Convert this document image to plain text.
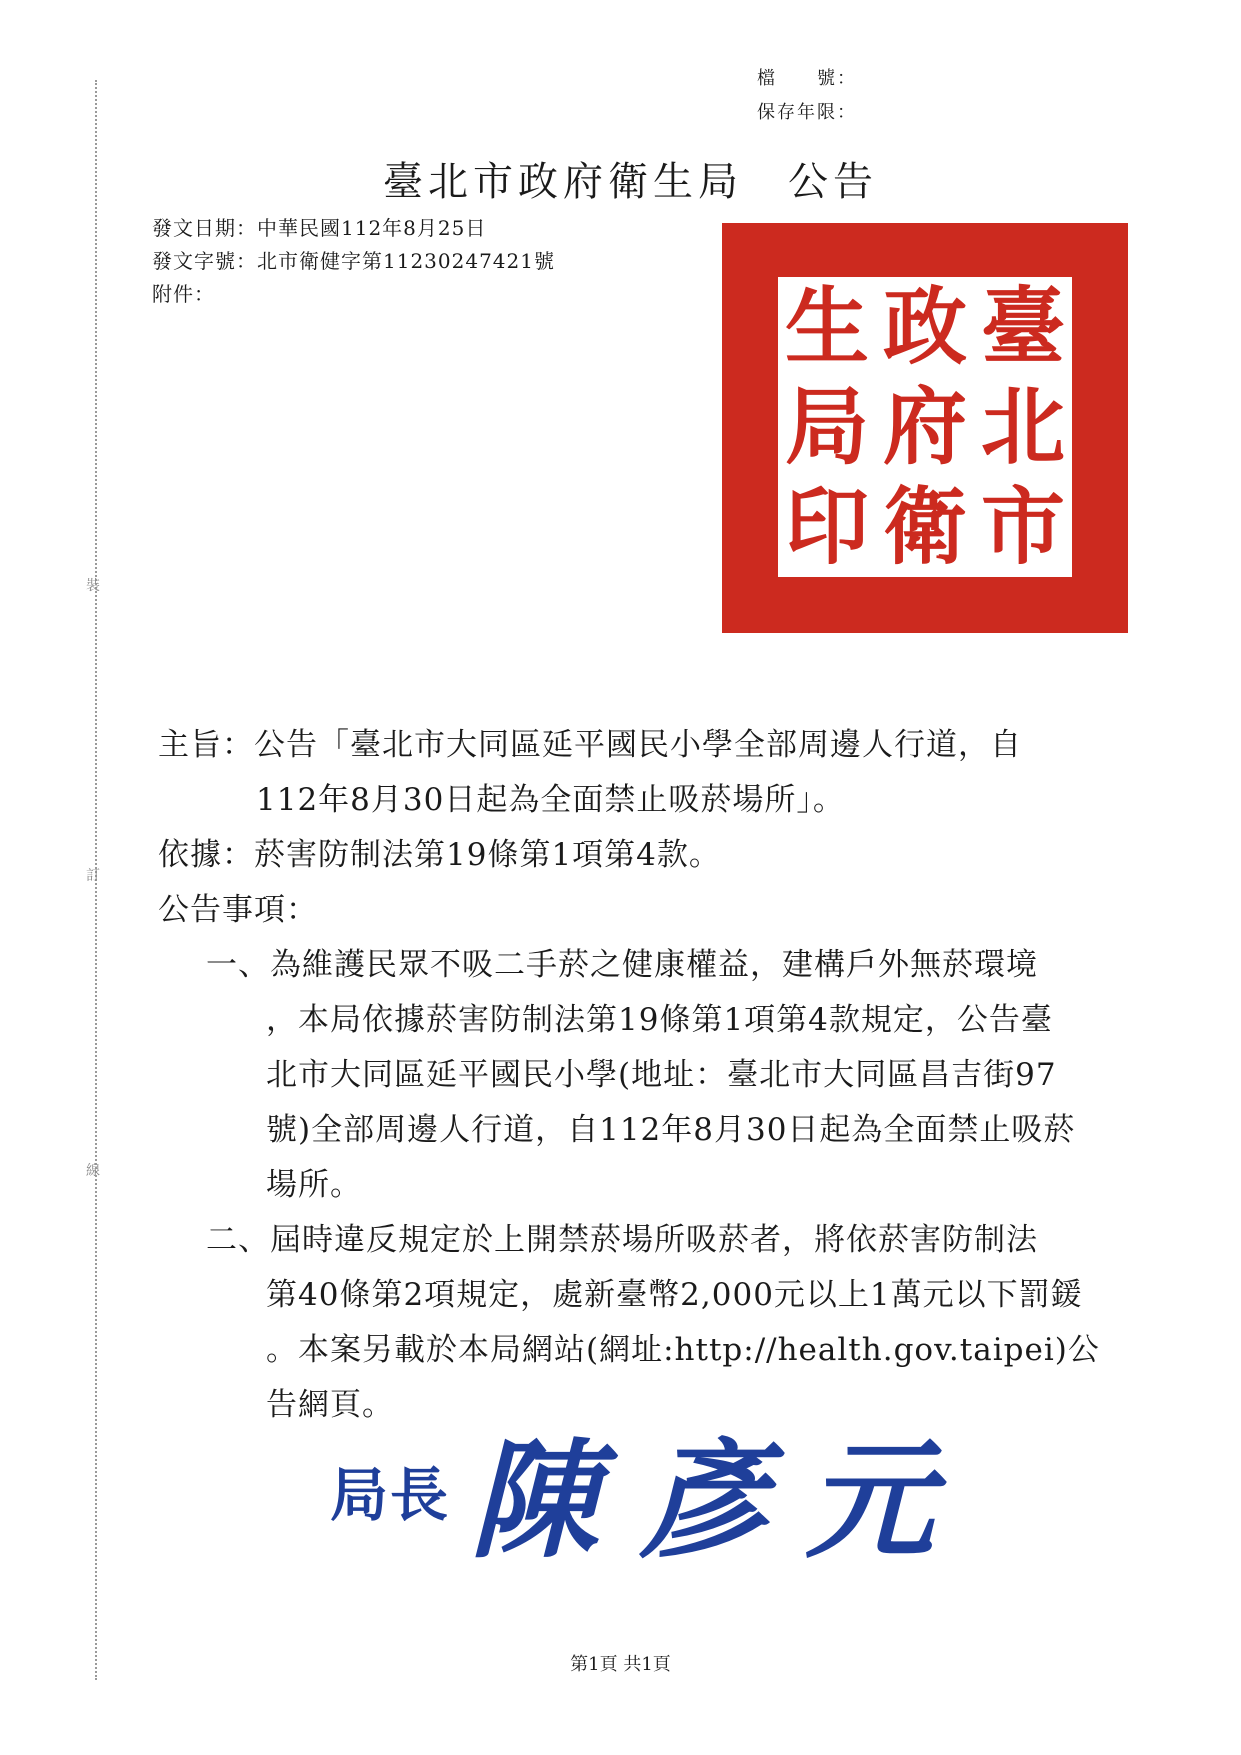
裝
訂
線
檔　　號：
保存年限：
臺北市政府衛生局　公告
發文日期：中華民國112年8月25日
發文字號：北市衛健字第11230247421號
附件：	臺
北
市
政
府
衛
生
局
印
主旨：公告「臺北市大同區延平國民小學全部周邊人行道，自
112年8月30日起為全面禁止吸菸場所」。
依據：菸害防制法第19條第1項第4款。
公告事項：
一、為維護民眾不吸二手菸之健康權益，建構戶外無菸環境
，本局依據菸害防制法第19條第1項第4款規定，公告臺
北市大同區延平國民小學(地址：臺北市大同區昌吉街97
號)全部周邊人行道，自112年8月30日起為全面禁止吸菸
場所。
二、屆時違反規定於上開禁菸場所吸菸者，將依菸害防制法
第40條第2項規定，處新臺幣2,000元以上1萬元以下罰鍰
。本案另載於本局網站(網址:http://health.gov.taipei)公
告網頁。
局長 陳彥元
第1頁 共1頁
